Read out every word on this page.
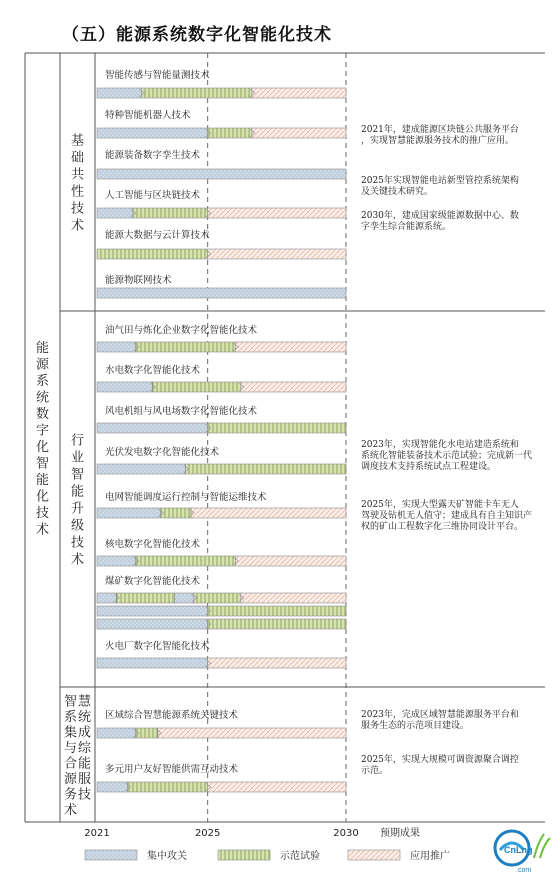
（五）能源系统数字化智能化技术
能源系统数字化智能化技术
基础共性技术
智能传感与智能量测技术
特种智能机器人技术
能源装备数字孪生技术
人工智能与区块链技术
能源大数据与云计算技术
能源物联网技术
行业智能升级技术
油气田与炼化企业数字化智能化技术
水电数字化智能化技术
风电机组与风电场数字化智能化技术
光伏发电数字化智能化技术
电网智能调度运行控制与智能运维技术
核电数字化智能化技术
煤矿数字化智能化技术
火电厂数字化智能化技术
智慧系统集成与综合能源服务技术
区域综合智慧能源系统关键技术
多元用户友好智能供需互动技术
2021年，建成能源区块链公共服务平台，实现智慧能源服务技术的推广应用。
2025年实现智能电站新型管控系统架构及关键技术研究。
2030年，建成国家级能源数据中心、数字孪生综合能源系统。
2023年，实现智能化水电站建造系统和系统化智能装备技术示范试验；完成新一代调度技术支持系统试点工程建设。
2025年，实现大型露天矿智能卡车无人驾驶及钻机无人值守；建成具有自主知识产权的矿山工程数字化三维协同设计平台。
2023年，完成区域智慧能源服务平台和服务生态的示范项目建设。
2025年，实现大规模可调资源聚合调控示范。
2021	2025	2030 预期成果
集中攻关	示范试验	应用推广
CnLng
.com
